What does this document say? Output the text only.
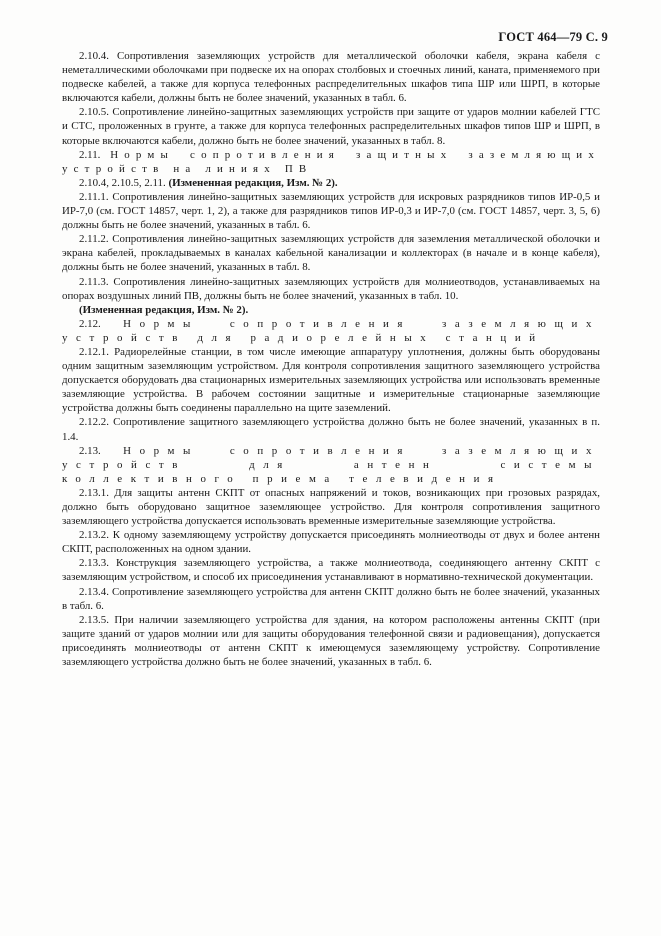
ГОСТ 464—79 С. 9

2.10.4. Сопротивления заземляющих устройств для металлической оболочки кабеля, экрана кабеля с неметаллическими оболочками при подвеске их на опорах столбовых и стоечных линий, каната, применяемого при подвеске кабелей, а также для корпуса телефонных распределительных шкафов типа ШР или ШРП, в которые включаются кабели, должны быть не более значений, указанных в табл. 6.

2.10.5. Сопротивление линейно-защитных заземляющих устройств при защите от ударов молнии кабелей ГТС и СТС, проложенных в грунте, а также для корпуса телефонных распределительных шкафов типов ШР и ШРП, в которые включаются кабели, должно быть не более значений, указанных в табл. 8.

2.11. Нормы сопротивления защитных заземляющих устройств на линиях ПВ

2.10.4, 2.10.5, 2.11. (Измененная редакция, Изм. № 2).

2.11.1. Сопротивления линейно-защитных заземляющих устройств для искровых разрядников типов ИР-0,5 и ИР-7,0 (см. ГОСТ 14857, черт. 1, 2), а также для разрядников типов ИР-0,3 и ИР-7,0 (см. ГОСТ 14857, черт. 3, 5, 6) должны быть не более значений, указанных в табл. 6.

2.11.2. Сопротивления линейно-защитных заземляющих устройств для заземления металлической оболочки и экрана кабелей, прокладываемых в каналах кабельной канализации и коллекторах (в начале и в конце кабеля), должны быть не более значений, указанных в табл. 8.

2.11.3. Сопротивления линейно-защитных заземляющих устройств для молниеотводов, устанавливаемых на опорах воздушных линий ПВ, должны быть не более значений, указанных в табл. 10.

(Измененная редакция, Изм. № 2).

2.12. Нормы сопротивления заземляющих устройств для радиорелейных станций

2.12.1. Радиорелейные станции, в том числе имеющие аппаратуру уплотнения, должны быть оборудованы одним защитным заземляющим устройством. Для контроля сопротивления защитного заземляющего устройства допускается оборудовать два стационарных измерительных заземляющих устройства или использовать временные заземляющие устройства. В рабочем состоянии защитные и измерительные стационарные заземляющие устройства должны быть соединены параллельно на щите заземлений.

2.12.2. Сопротивление защитного заземляющего устройства должно быть не более значений, указанных в п. 1.4.

2.13. Нормы сопротивления заземляющих устройств для антенн системы коллективного приема телевидения

2.13.1. Для защиты антенн СКПТ от опасных напряжений и токов, возникающих при грозовых разрядах, должно быть оборудовано защитное заземляющее устройство. Для контроля сопротивления защитного заземляющего устройства допускается использовать временные измерительные заземляющие устройства.

2.13.2. К одному заземляющему устройству допускается присоединять молниеотводы от двух и более антенн СКПТ, расположенных на одном здании.

2.13.3. Конструкция заземляющего устройства, а также молниеотвода, соединяющего антенну СКПТ с заземляющим устройством, и способ их присоединения устанавливают в нормативно-технической документации.

2.13.4. Сопротивление заземляющего устройства для антенн СКПТ должно быть не более значений, указанных в табл. 6.

2.13.5. При наличии заземляющего устройства для здания, на котором расположены антенны СКПТ (при защите зданий от ударов молнии или для защиты оборудования телефонной связи и радиовещания), допускается присоединять молниеотводы от антенн СКПТ к имеющемуся заземляющему устройству. Сопротивление заземляющего устройства должно быть не более значений, указанных в табл. 6.
